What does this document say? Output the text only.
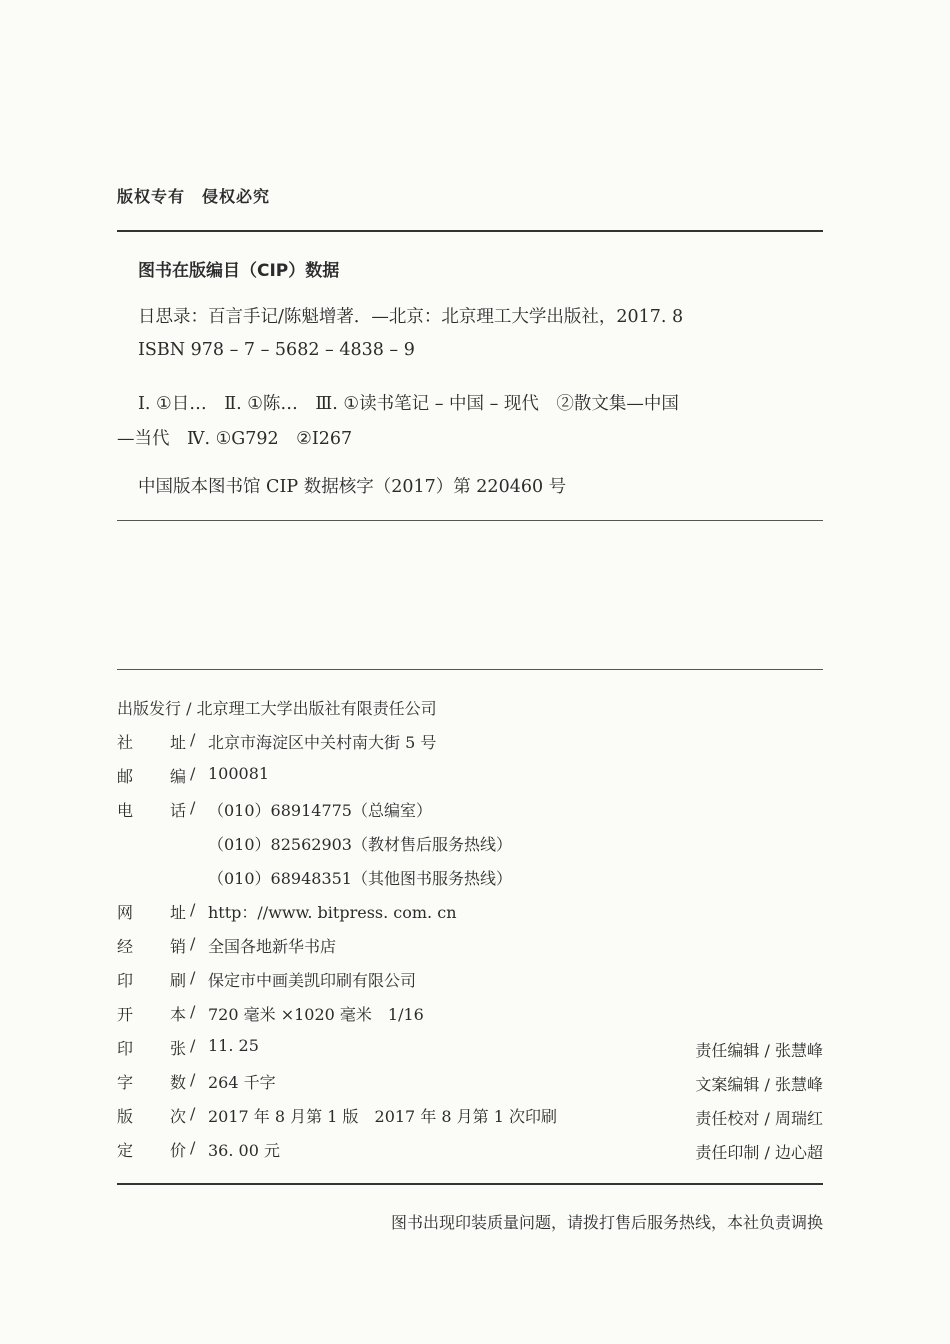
版权专有　侵权必究
图书在版编目（CIP）数据
日思录：百言手记/陈魁增著．—北京：北京理工大学出版社，2017. 8
ISBN 978 – 7 – 5682 – 4838 – 9
Ⅰ. ①日…　Ⅱ. ①陈…　Ⅲ. ①读书笔记 – 中国 – 现代　②散文集—中国
—当代　Ⅳ. ①G792　②I267
中国版本图书馆 CIP 数据核字（2017）第 220460 号
出版发行 / 北京理工大学出版社有限责任公司
社 址 / 北京市海淀区中关村南大街 5 号
邮 编 / 100081
电 话 / （010）68914775（总编室）
（010）82562903（教材售后服务热线）
（010）68948351（其他图书服务热线）
网 址 / http：//www. bitpress. com. cn
经 销 / 全国各地新华书店
印 刷 / 保定市中画美凯印刷有限公司
开 本 / 720 毫米 ×1020 毫米　1/16
印 张 / 11. 25
字 数 / 264 千字
版 次 / 2017 年 8 月第 1 版　2017 年 8 月第 1 次印刷
定 价 / 36. 00 元
责任编辑 / 张慧峰
文案编辑 / 张慧峰
责任校对 / 周瑞红
责任印制 / 边心超
图书出现印装质量问题，请拨打售后服务热线，本社负责调换
